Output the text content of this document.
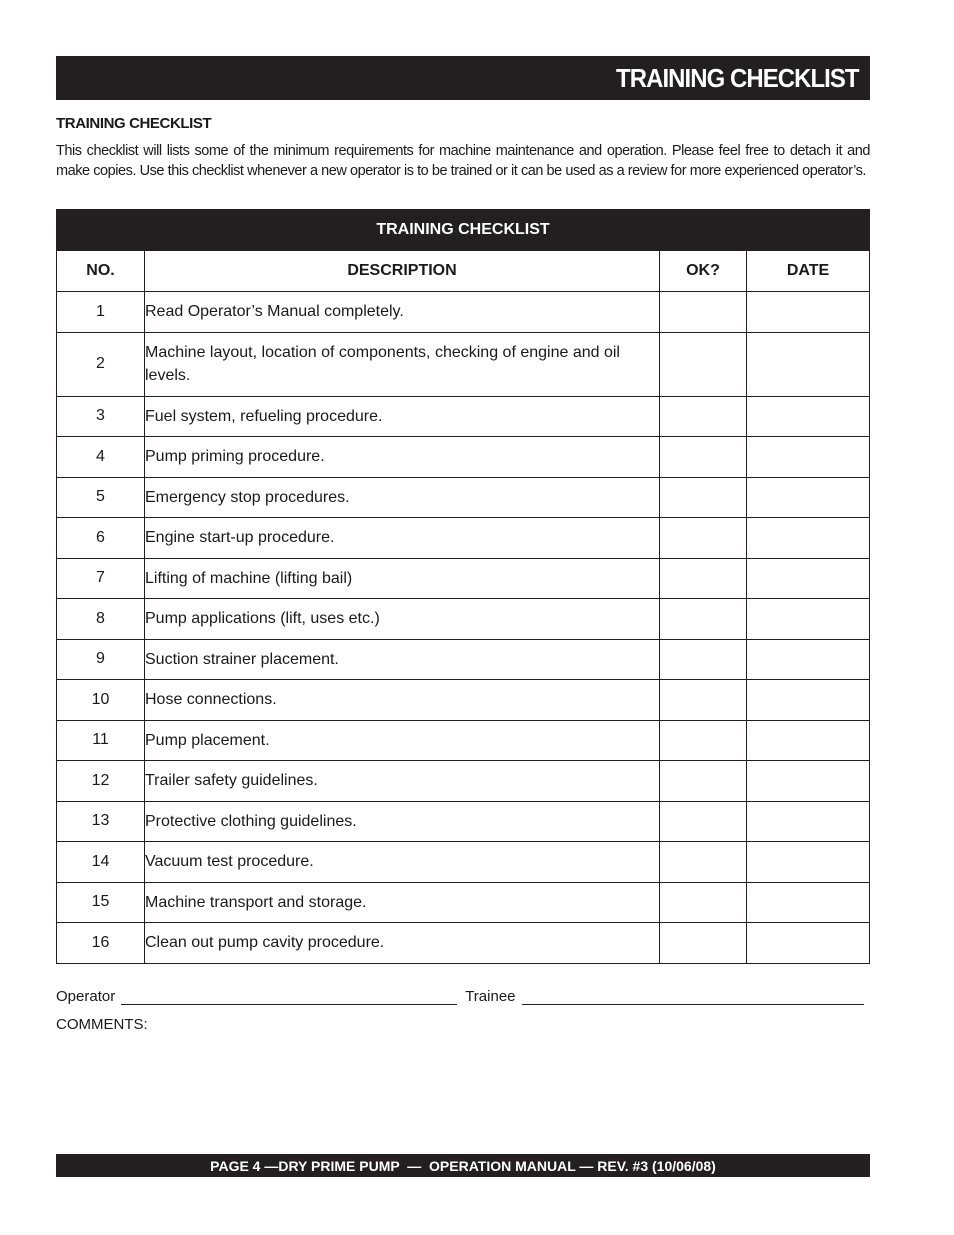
TRAINING CHECKLIST
TRAINING CHECKLIST

This checklist will lists some of the minimum requirements for machine maintenance and operation. Please feel free to detach it and make copies. Use this checklist whenever a new operator is to be trained or it can be used as a review for more experienced operator’s.

TRAINING CHECKLIST			
NO.	DESCRIPTION	OK?	DATE
1	Read Operator’s Manual completely.		
2	Machine layout, location of components, checking of engine and oil levels.		
3	Fuel system, refueling procedure.		
4	Pump priming procedure.		
5	Emergency stop procedures.		
6	Engine start-up procedure.		
7	Lifting of machine (lifting bail)		
8	Pump applications (lift, uses etc.)		
9	Suction strainer placement.		
10	Hose connections.		
11	Pump placement.		
12	Trailer safety guidelines.		
13	Protective clothing guidelines.		
14	Vacuum test procedure.		
15	Machine transport and storage.		
16	Clean out pump cavity procedure.		
Operator	Trainee
COMMENTS:
PAGE 4 —DRY PRIME PUMP  —  OPERATION MANUAL — REV. #3 (10/06/08)
